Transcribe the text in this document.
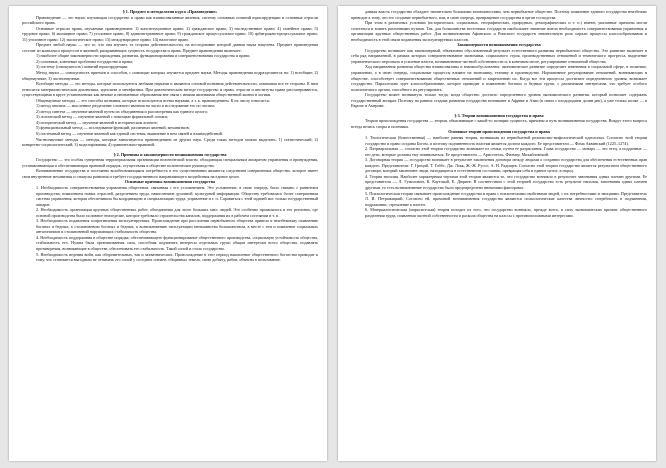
§ 1. Предмет и методология курса «Правоведение»

Правоведение — это наука, изучающая государство и право как взаимосвязанные явления, систему основных понятий юриспруденции и основные отрасли российского права.

Основные отрасли права, изучаемые правоведением: 1) конституционное право; 2) гражданское право; 3) наследственное право; 4) семейное право; 5) трудовое право; 6) жилищное право; 7) уголовное право; 8) административное право; 9) гражданское процессуальное право; 10) арбитражно-процессуальное право; 11) уголовное право; 12) экологическое право; 13) международное право; 14) налоговое право.

Предмет любой науки — это то, что она изучает, та сторона действительности, на исследование которой данная наука нацелена. Предмет правоведения состоит из комплекса процессов и явлений, раскрывающих сущность государства и права. Предмет правоведения включает:

1) наиболее общие закономерности зарождения, развития, функционирования и совершенствования государства и права;

2) основные, ключевые проблемы государства и права;

3) систему (совокупность) понятий юриспруденции.

Метод науки — совокупность приемов и способов, с помощью которых изучается предмет науки. Методы правоведения подразделяются на: 1) всеобщие; 2) общенаучные; 3) частнонаучные.

Всеобщие методы — это методы, которые используются любыми науками и являются основой познания действительности, охватывая все ее стороны. К ним относятся материалистическая диалектика, идеализм и метафизика. При диалектическом методе государство и право, отрасли и институты права рассматриваются, существующими в круге установлениях как вечные и неизменные образования вне связи с иными явлениями общественной жизни и логики.

Общенаучные методы — это способы познания, которые используются всеми науками, а т. к. правоведением. К их числу относятся:

1) метод анализа — мысленное разделение сложного явления на части и исследование его по частям;

2) метод синтеза — изучение явлений путем их объединения и рассмотрения как единого целого;

3) логический метод — изучение явлений с помощью формальной логики;

4) исторический метод — изучение явлений в историческом аспекте;

5) функциональный метод — исследование функций, различных явлений, механизмов;

6) системный метод — изучение явлений как единой системы, выявление в нем связей и взаимодействий.

Частнонаучные методы — методы, которые заимствуются правоведением из других наук. Среди таких методов можно выделить: 1) статистический; 2) конкретно-социологический; 3) моделирования; 4) сравнительно-правовой.

§ 2. Причины и закономерности возникновения государства

Государство — это особая суверенная территориальная организация политической власти, обладающая специальным аппаратом управления и принуждения, устанавливающая и обеспечивающая правовой порядок, осуществляя в обществе политическое руководство.

Возникновение государства и постоянно возобновляющаяся потребность в его существовании являются следствием совершенных общество, которое имеет свои внутренние механизмы и стимулы развития и требует государственного направляющего воздействия на единое целое.

Основные причины возникновения государства

1. Необходимость совершенствования управления обществом, связанная с его усложнением. Это усложнение, в свою очередь, было связано с развитием производства, появлением новых отраслей, разделением труда, накоплением духовной, культурной информации. Обществу требовалась более совершенная система управления, которая обеспечивала бы координацию и специализацию труда, управление и т. п. Справиться с этой задачей мог только государственный аппарат.

2. Необходимость организации крупных общественных работ, объединения для этого больших масс людей. Это особенно проявлялось в тех регионах, где основой производства было поливное земледелие, которое требовало строительства каналов, поддержания их в рабочем состоянии и т. п.

3. Необходимость подавления сопротивления эксплуатируемых. Происхождение при расслоении первобытного общества привело к неизбежному появлению богатых и бедных, к столкновению богатых и бедных, к возникновению эксплуатации меньшинства большинством, в месте с тем и появление социальных антагонизмов и столкновений нарушающих стабильность общества.

4. Необходимость поддержания в обществе порядка, обеспечивающего функционирование общественного производства, социальную устойчивость общества, стабильность его. Нужна была организованная сила, способная подчинить интересы отдельных групп общим интересам всего общества, подавлять противоречия, возникающие в обществе, обеспечивать его стабильность. Такой силой и стало государство.

5. Необходимость ведения войн, как оборонительных, так и захватнических. Происхождение в этот период накопление общественного богатства приводит к тому, что становится выгодным не отнимать его силой у соседних племен, общинных земель, свою добычу, рабов, объекты в пользование.

данная власть государства обладает значительно большими возможностями, чем первобытное общество. Поэтому появление единого государства неизбежно приводит к тому, что его создание первобытного, или, в свою очередь, превращение государства в орган господства.

При этом в различных условиях (исторических, социальных, географических, природных, демографических и т. п.) имеют, указанные причины могли сочетаться и влиять различными путями. Так, для большинства восточных государств наибольшее значение имела необходимость совершенствования управления и организации крупных общественных работ. Для возникновения Афинского и Римского государств значительную роль играли процессы классообразования и необходимость в этой связи подавления эксплуатируемых классов.

Закономерности возникновения государства

Государство возникает как закономерный, объективно обусловленный результат естественного развития первобытного общества. Это развитие включает в себя ряд направлений, в рамках которых совершенствование экономики, социального строя, производственных отношений и технического прогресса, выделение управленческого персонала и усиление власти, возникновение частной собственности и, в конечном итоге, регулирование отношений общества.

Ход направления развития общества взаимосвязаны и взаимообусловлены: экономическое развитие определяет изменения в социальной сфере, в политике, управлении, а в свою очередь, социальные процессы влияют на экономику, технику и производство. Нормативное регулирование отношений, возникающих в обществе, способствует совершенствованию общественных отношений и закреплению их. Когда все эти процессы достигают определенного уровня, возникает государство. Параллельно идет классообразование, которое приводит к появлению богатых и бедных групп, с различными интересами, что требует особого политического органа, способного их регулировать.

Государство может возникнуть только тогда, когда общество достигло определенного уровня экономического развития, который позволяет содержать государственный аппарат. Поэтому на ранних стадиях развития государства возникают в Африке и Азии (в связи с плодородием долин рек), а уже только позже — в Европе и Америке.

§ 3. Теории возникновения государства и права

Теории происхождения государства — теории, объясняющие с какой-то позиции сущность, причины и путь возникновения государства. Вокруг этого вопроса всегда велись споры и полемика.

Основные теории происхождения государства и права

1. Теологическая (божественная) — наиболее ранняя теория, возникшая из первобытной религиозно-мифологической идеологии. Согласно этой теории государство и право созданы Богом, и поэтому подчиненность властям является долгом каждого. Ее представители — Фома Аквинский (1225–1274).

2. Патриархальная — согласно этой теории государство возникает из семьи, путем ее разрастания. Глава государства — монарх — это отец, а подданные — его дети, которые должны ему повиноваться. Ее представители — Аристотель, Филмер, Михайловский.

3. Договорная теория — государство возникает в результате заключения договора между людьми о создании государства для обеспечения естественных прав каждого. Представители: Г. Гроций, Т. Гоббс, Дж. Локк, Ж.-Ж. Руссо, А. Н. Радищев. Согласно этой теории государство является результатом общественного договора, который заключают люди, находящиеся в естественном состоянии, превращая себя в единое целое, в народ.

4. Теория насилия. Наиболее характерным чертами этой теории являются то, что государство возникло в результате завоевания одних племен другими. Ее представители — Л. Гумплович, К. Каутский, Е. Дюринг. В соответствии с этой теорией государство есть результат насилия, завоевания одних племен другими, то есть возникновение государства было предопределено внешними факторами.

5. Психологическая теория связывает происхождение государства и права с психическими свойствами людей, с их потребностями и эмоциями. Представитель Л. И. Петражицкий. Согласно ей, причиной возникновения государства являются психологические качества личности: потребность в подчинении, подражании, стремление к власти.

6. Материалистическая (марксистская) теория исходит из того, что государство возникло, прежде всего, в силу экономических причин: общественного разделения труда, появления частной собственности и раскола общества на классы с противоположными интересами.
